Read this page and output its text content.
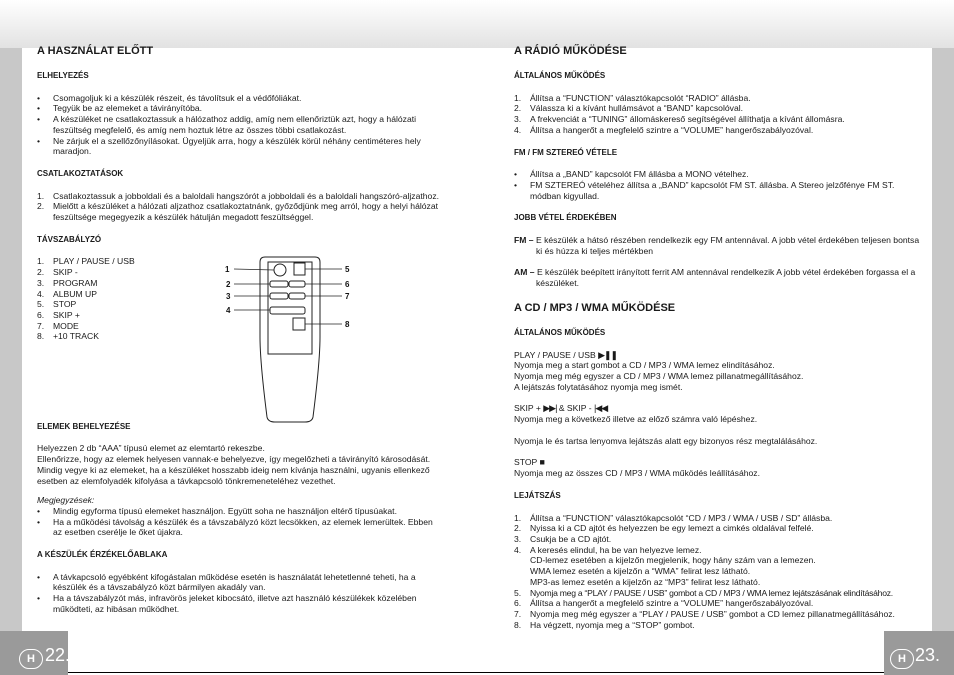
H 22.	H 23.
A HASZNÁLAT ELŐTT
ELHELYEZÉS
• Csomagoljuk ki a készülék részeit, és távolítsuk el a védőfóliákat.
• Tegyük be az elemeket a távirányítóba.
• A készüléket ne csatlakoztassuk a hálózathoz addig, amíg nem ellenőriztük azt, hogy a hálózati feszültség megfelelő, és amíg nem hoztuk létre az összes többi csatlakozást.
• Ne zárjuk el a szellőzőnyílásokat. Ügyeljük arra, hogy a készülék körül néhány centiméteres hely maradjon.
CSATLAKOZTATÁSOK
1. Csatlakoztassuk a jobboldali és a baloldali hangszórót a jobboldali és a baloldali hangszóró-aljzathoz.
2. Mielőtt a készüléket a hálózati aljzathoz csatlakoztatnánk, győződjünk meg arról, hogy a helyi hálózat feszültsége megegyezik a készülék hátulján megadott feszültséggel.
TÁVSZABÁLYZÓ
1. PLAY / PAUSE / USB
2. SKIP -
3. PROGRAM
4. ALBUM UP
5. STOP
6. SKIP +
7. MODE
8. +10 TRACK
ELEMEK BEHELYEZÉSE

Helyezzen 2 db “AAA” típusú elemet az elemtartó rekeszbe.

Ellenőrizze, hogy az elemek helyesen vannak-e behelyezve, így megelőzheti a távirányító károsodását.

Mindig vegye ki az elemeket, ha a készüléket hosszabb ideig nem kívánja használni, ugyanis ellenkező esetben az elemfolyadék kifolyása a távkapcsoló tönkremeneteléhez vezethet.

Megjegyzések:

• Mindig egyforma típusú elemeket használjon. Együtt soha ne használjon eltérő típusúakat.
• Ha a működési távolság a készülék és a távszabályzó közt lecsökken, az elemek lemerültek. Ebben az esetben cserélje le őket újakra.
A KÉSZÜLÉK ÉRZÉKELŐABLAKA
• A távkapcsoló egyébként kifogástalan működése esetén is használatát lehetetlenné teheti, ha a készülék és a távszabályzó közt bármilyen akadály van.
• Ha a távszabályzót más, infravörös jeleket kibocsátó, illetve azt használó készülékek közelében működteti, az hibásan működhet.
1
2
3
4
5
6
7
8
A RÁDIÓ MŰKÖDÉSE
ÁLTALÁNOS MŰKÖDÉS
1. Állítsa a “FUNCTION” választókapcsolót “RADIO” állásba.
2. Válassza ki a kívánt hullámsávot a “BAND” kapcsolóval.
3. A frekvenciát a “TUNING” állomáskereső segítségével állíthatja a kívánt állomásra.
4. Állítsa a hangerőt a megfelelő szintre a “VOLUME” hangerőszabályozóval.
FM / FM SZTEREÓ VÉTELE
• Állítsa a „BAND” kapcsolót FM állásba a MONO vételhez.
• FM SZTEREÓ vételéhez állítsa a „BAND” kapcsolót FM ST. állásba. A Stereo jelzőfénye FM ST. módban kigyullad.
JOBB VÉTEL ÉRDEKÉBEN

FM – E készülék a hátsó részében rendelkezik egy FM antennával. A jobb vétel érdekében teljesen bontsa ki és húzza ki teljes mértékben

AM – E készülék beépített irányított ferrit AM antennával rendelkezik A jobb vétel érdekében forgassa el a készüléket.

A CD / MP3 / WMA MŰKÖDÉSE
ÁLTALÁNOS MŰKÖDÉS

PLAY / PAUSE / USB ▶❚❚

Nyomja meg a start gombot a CD / MP3 / WMA lemez elindításához.

Nyomja meg még egyszer a CD / MP3 / WMA lemez pillanatmegállításához.

A lejátszás folytatásához nyomja meg ismét.

SKIP + ▶▶| & SKIP - |◀◀

Nyomja meg a következő illetve az előző számra való lépéshez.

Nyomja le és tartsa lenyomva lejátszás alatt egy bizonyos rész megtalálásához.

STOP ■

Nyomja meg az összes CD / MP3 / WMA működés leállításához.

LEJÁTSZÁS
1. Állítsa a “FUNCTION” választókapcsolót “CD / MP3 / WMA / USB / SD” állásba.
2. Nyissa ki a CD ajtót és helyezzen be egy lemezt a cimkés oldalával felfelé.
3. Csukja be a CD ajtót.
4. A keresés elindul, ha be van helyezve lemez.
CD-lemez esetében a kijelzőn megjelenik, hogy hány szám van a lemezen.
WMA lemez esetén a kijelzőn a “WMA” felirat lesz látható.
MP3-as lemez esetén a kijelzőn az “MP3” felirat lesz látható.
5. Nyomja meg a “PLAY / PAUSE / USB” gombot a CD / MP3 / WMA lemez lejátszásának elindításához.
6. Állítsa a hangerőt a megfelelő szintre a “VOLUME” hangerőszabályozóval.
7. Nyomja meg még egyszer a “PLAY / PAUSE / USB” gombot a CD lemez pillanatmegállításához.
8. Ha végzett, nyomja meg a “STOP” gombot.
